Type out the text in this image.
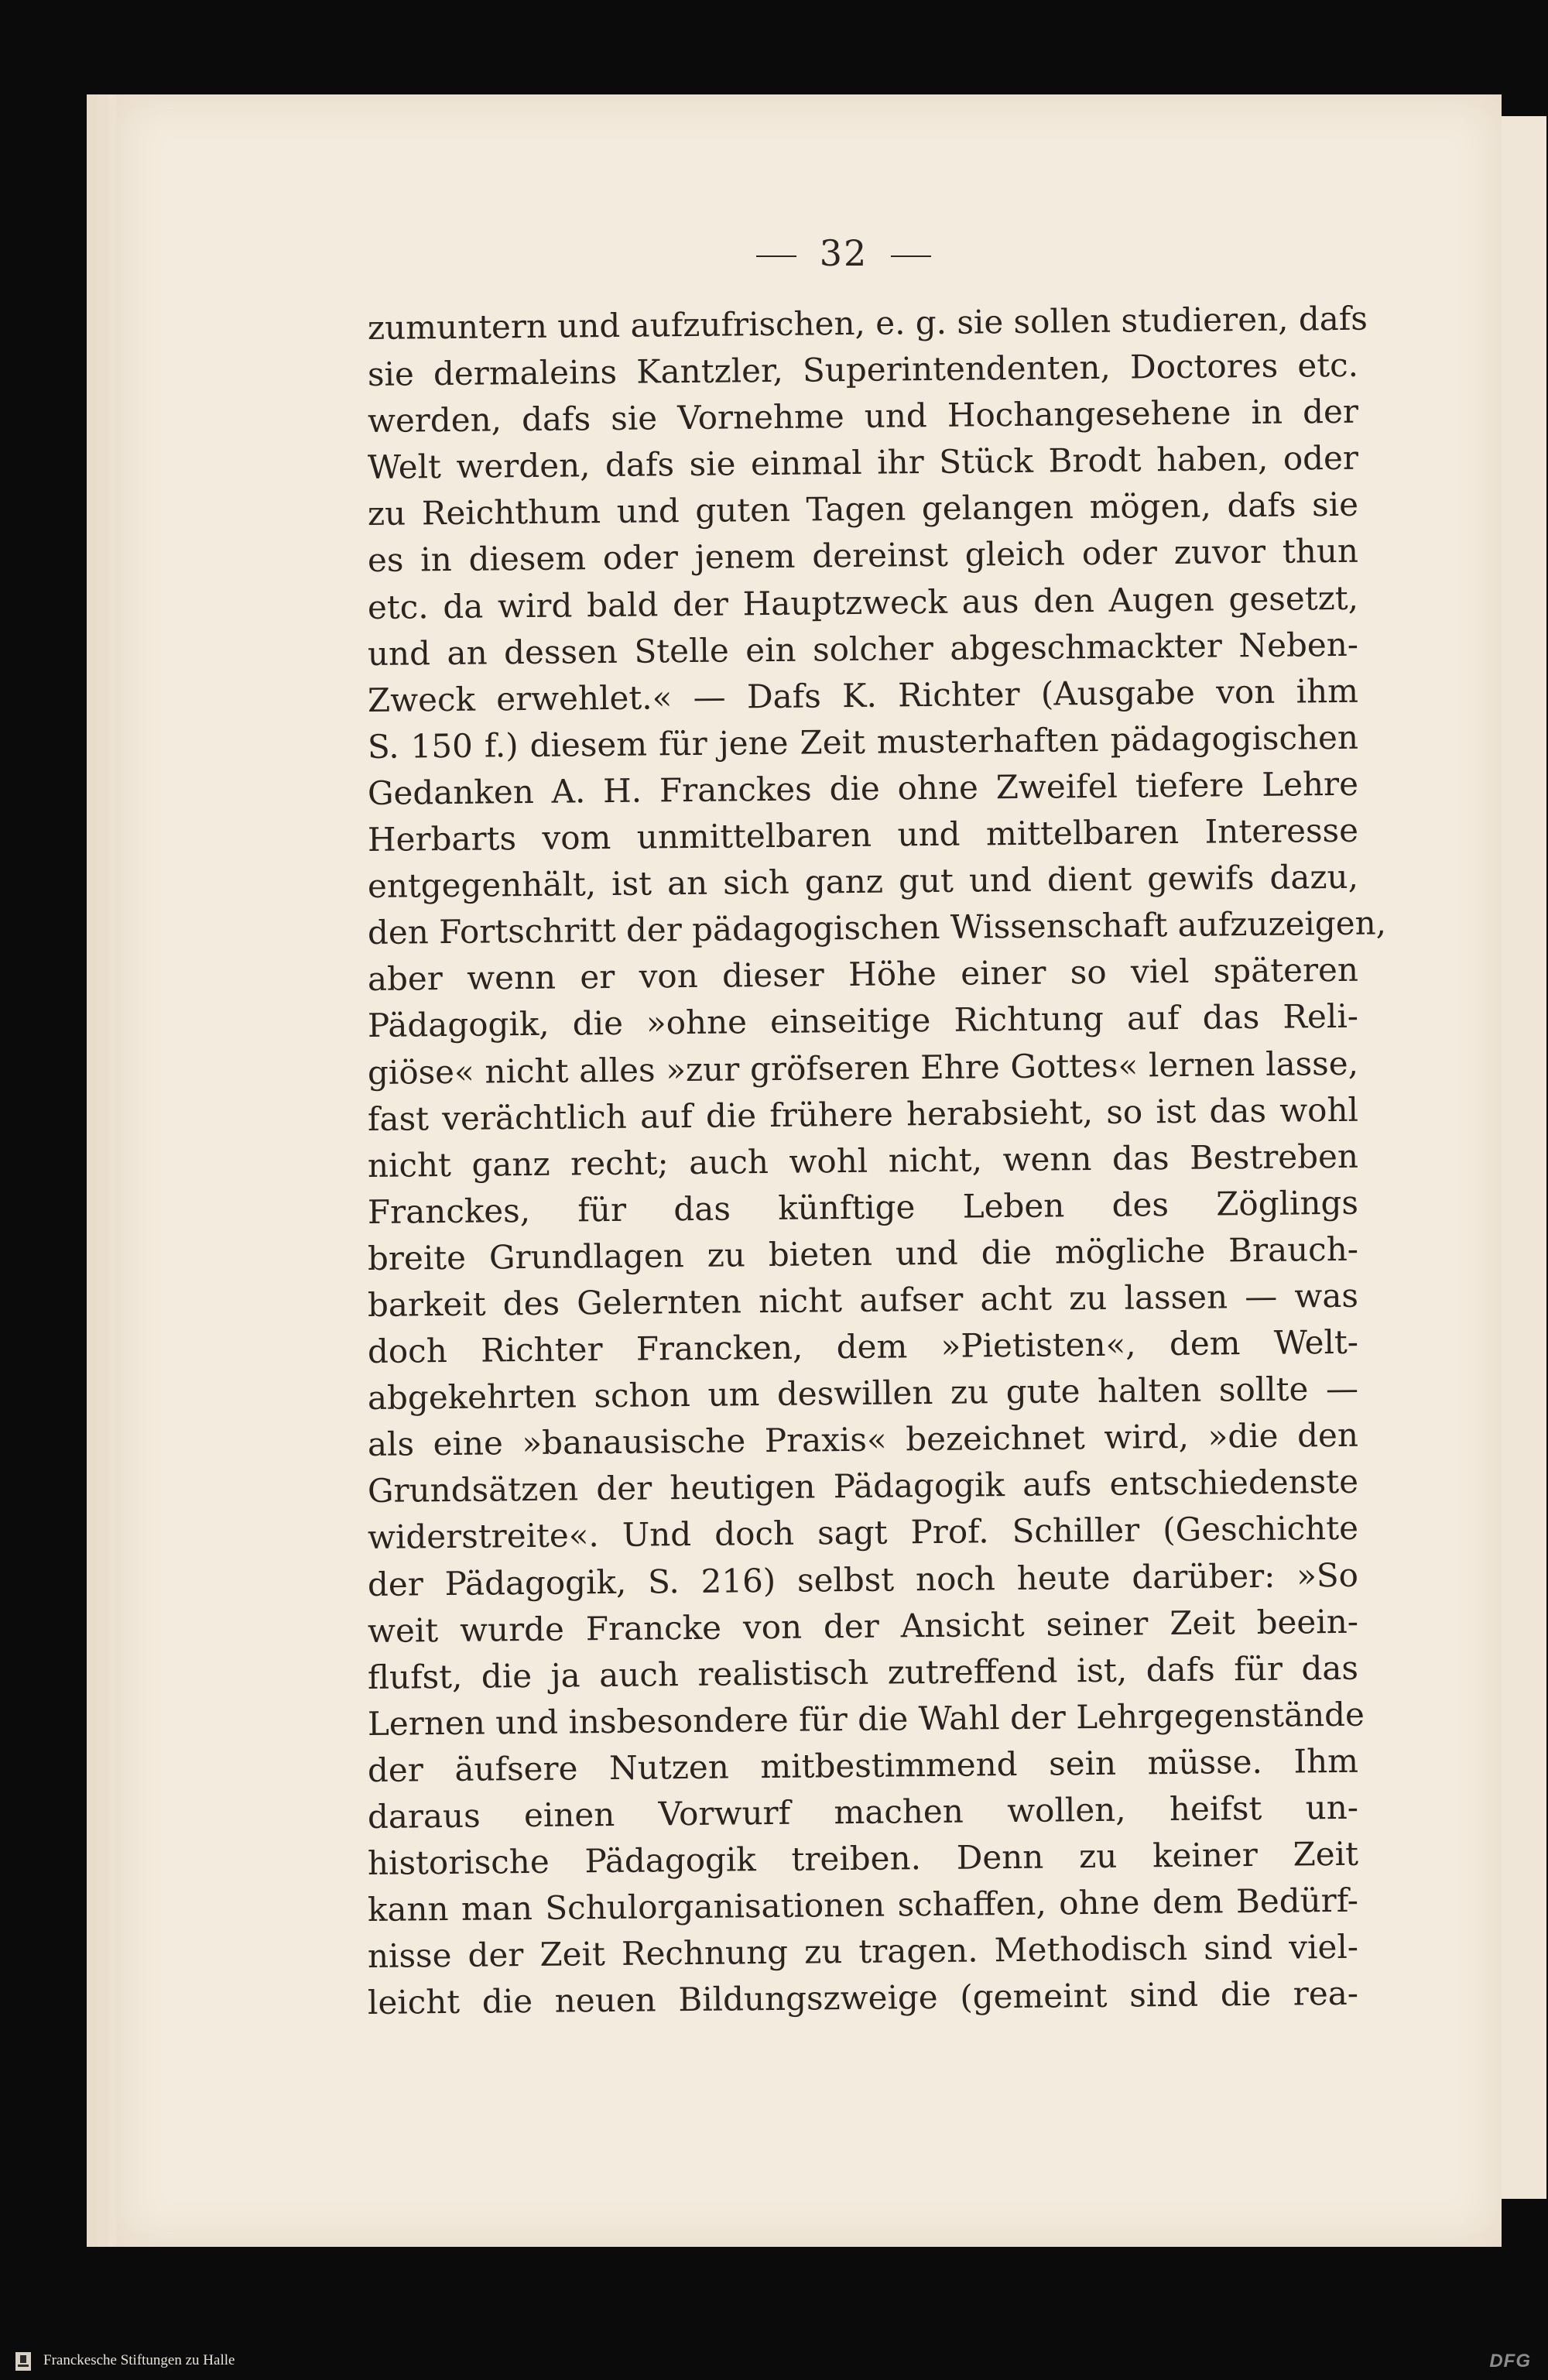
32
zumuntern und aufzufrischen, e. g. sie sollen studieren, dafs
sie dermaleins Kantzler, Superintendenten, Doctores etc.
werden, dafs sie Vornehme und Hochangesehene in der
Welt werden, dafs sie einmal ihr Stück Brodt haben, oder
zu Reichthum und guten Tagen gelangen mögen, dafs sie
es in diesem oder jenem dereinst gleich oder zuvor thun
etc. da wird bald der Hauptzweck aus den Augen gesetzt,
und an dessen Stelle ein solcher abgeschmackter Neben-
Zweck erwehlet.« — Dafs K. Richter (Ausgabe von ihm
S. 150 f.) diesem für jene Zeit musterhaften pädagogischen
Gedanken A. H. Franckes die ohne Zweifel tiefere Lehre
Herbarts vom unmittelbaren und mittelbaren Interesse
entgegenhält, ist an sich ganz gut und dient gewifs dazu,
den Fortschritt der pädagogischen Wissenschaft aufzuzeigen,
aber wenn er von dieser Höhe einer so viel späteren
Pädagogik, die »ohne einseitige Richtung auf das Reli-
giöse« nicht alles »zur gröfseren Ehre Gottes« lernen lasse,
fast verächtlich auf die frühere herabsieht, so ist das wohl
nicht ganz recht; auch wohl nicht, wenn das Bestreben
Franckes, für das künftige Leben des Zöglings
breite Grundlagen zu bieten und die mögliche Brauch-
barkeit des Gelernten nicht aufser acht zu lassen — was
doch Richter Francken, dem »Pietisten«, dem Welt-
abgekehrten schon um deswillen zu gute halten sollte —
als eine »banausische Praxis« bezeichnet wird, »die den
Grundsätzen der heutigen Pädagogik aufs entschiedenste
widerstreite«. Und doch sagt Prof. Schiller (Geschichte
der Pädagogik, S. 216) selbst noch heute darüber: »So
weit wurde Francke von der Ansicht seiner Zeit beein-
flufst, die ja auch realistisch zutreffend ist, dafs für das
Lernen und insbesondere für die Wahl der Lehrgegenstände
der äufsere Nutzen mitbestimmend sein müsse. Ihm
daraus einen Vorwurf machen wollen, heifst un-
historische Pädagogik treiben. Denn zu keiner Zeit
kann man Schulorganisationen schaffen, ohne dem Bedürf-
nisse der Zeit Rechnung zu tragen. Methodisch sind viel-
leicht die neuen Bildungszweige (gemeint sind die rea-
Franckesche Stiftungen zu Halle	DFG
